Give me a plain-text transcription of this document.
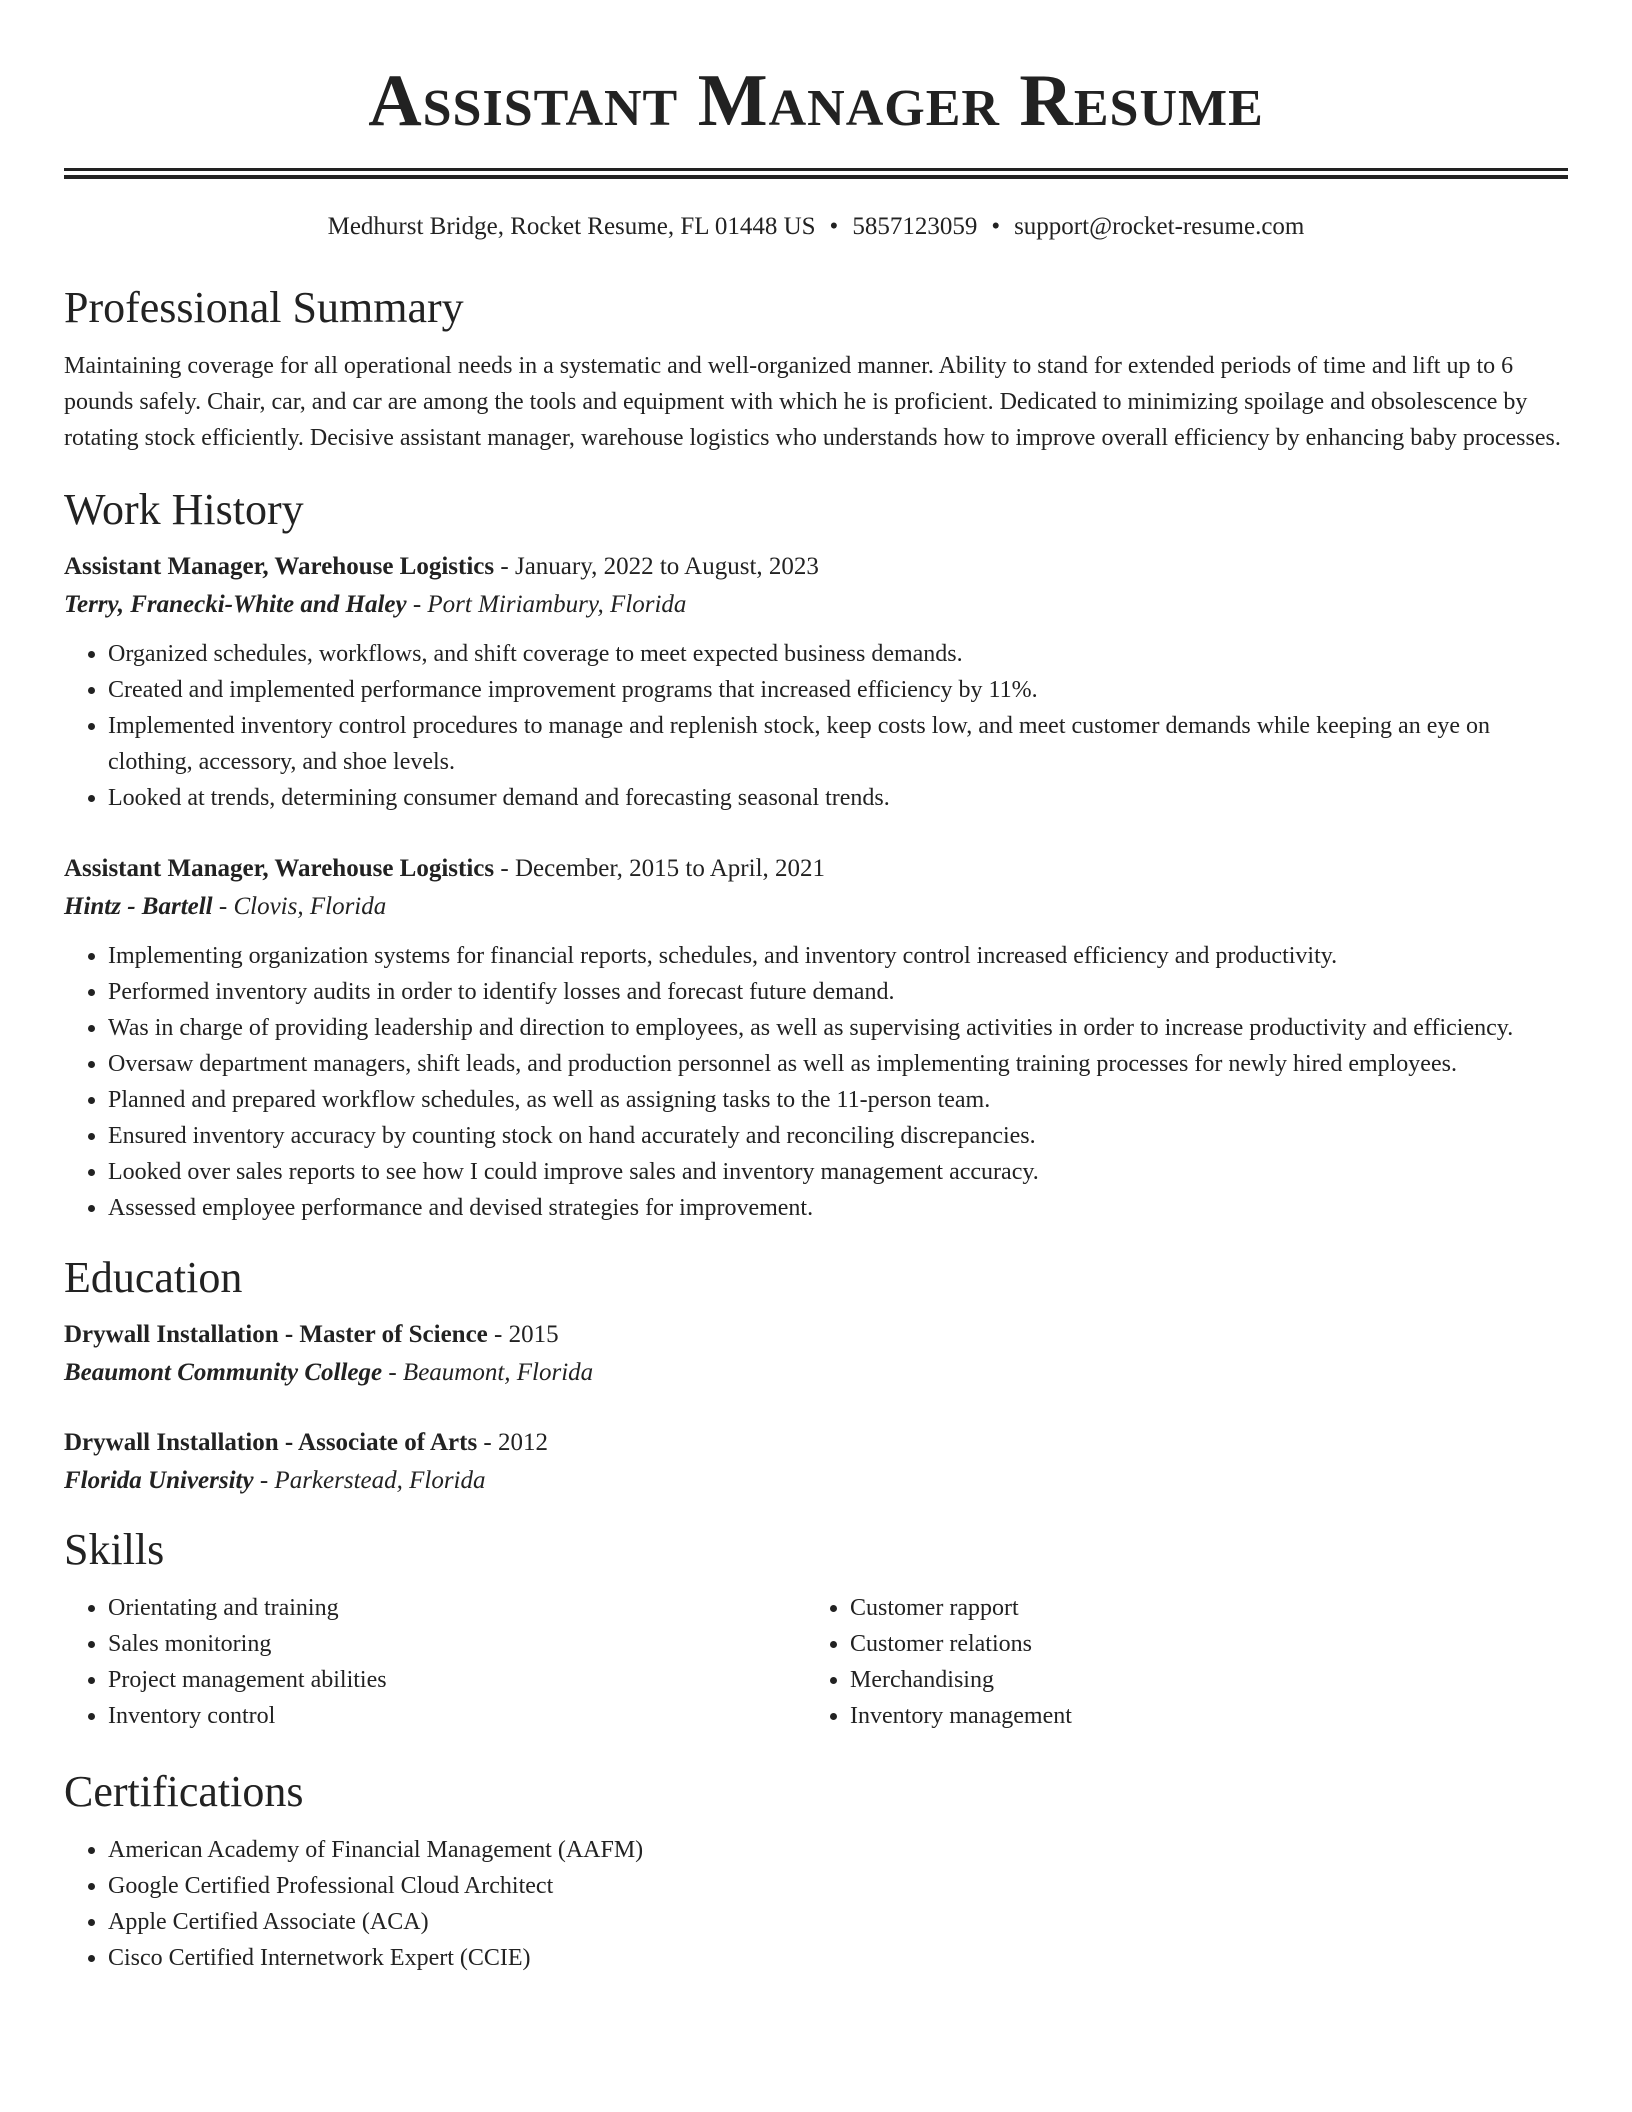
Assistant Manager Resume
Medhurst Bridge, Rocket Resume, FL 01448 US • 5857123059 • support@rocket-resume.com
Professional Summary

Maintaining coverage for all operational needs in a systematic and well-organized manner. Ability to stand for extended periods of time and lift up to 6 pounds safely. Chair, car, and car are among the tools and equipment with which he is proficient. Dedicated to minimizing spoilage and obsolescence by rotating stock efficiently. Decisive assistant manager, warehouse logistics who understands how to improve overall efficiency by enhancing baby processes.

Work History
Assistant Manager, Warehouse Logistics - January, 2022 to August, 2023
Terry, Franecki-White and Haley - Port Miriambury, Florida
• Organized schedules, workflows, and shift coverage to meet expected business demands.
• Created and implemented performance improvement programs that increased efficiency by 11%.
• Implemented inventory control procedures to manage and replenish stock, keep costs low, and meet customer demands while keeping an eye on clothing, accessory, and shoe levels.
• Looked at trends, determining consumer demand and forecasting seasonal trends.
Assistant Manager, Warehouse Logistics - December, 2015 to April, 2021
Hintz - Bartell - Clovis, Florida
• Implementing organization systems for financial reports, schedules, and inventory control increased efficiency and productivity.
• Performed inventory audits in order to identify losses and forecast future demand.
• Was in charge of providing leadership and direction to employees, as well as supervising activities in order to increase productivity and efficiency.
• Oversaw department managers, shift leads, and production personnel as well as implementing training processes for newly hired employees.
• Planned and prepared workflow schedules, as well as assigning tasks to the 11-person team.
• Ensured inventory accuracy by counting stock on hand accurately and reconciling discrepancies.
• Looked over sales reports to see how I could improve sales and inventory management accuracy.
• Assessed employee performance and devised strategies for improvement.
Education
Drywall Installation - Master of Science - 2015
Beaumont Community College - Beaumont, Florida
Drywall Installation - Associate of Arts - 2012
Florida University - Parkerstead, Florida
Skills
• Orientating and training
• Sales monitoring
• Project management abilities
• Inventory control
• Customer rapport
• Customer relations
• Merchandising
• Inventory management
Certifications
• American Academy of Financial Management (AAFM)
• Google Certified Professional Cloud Architect
• Apple Certified Associate (ACA)
• Cisco Certified Internetwork Expert (CCIE)
